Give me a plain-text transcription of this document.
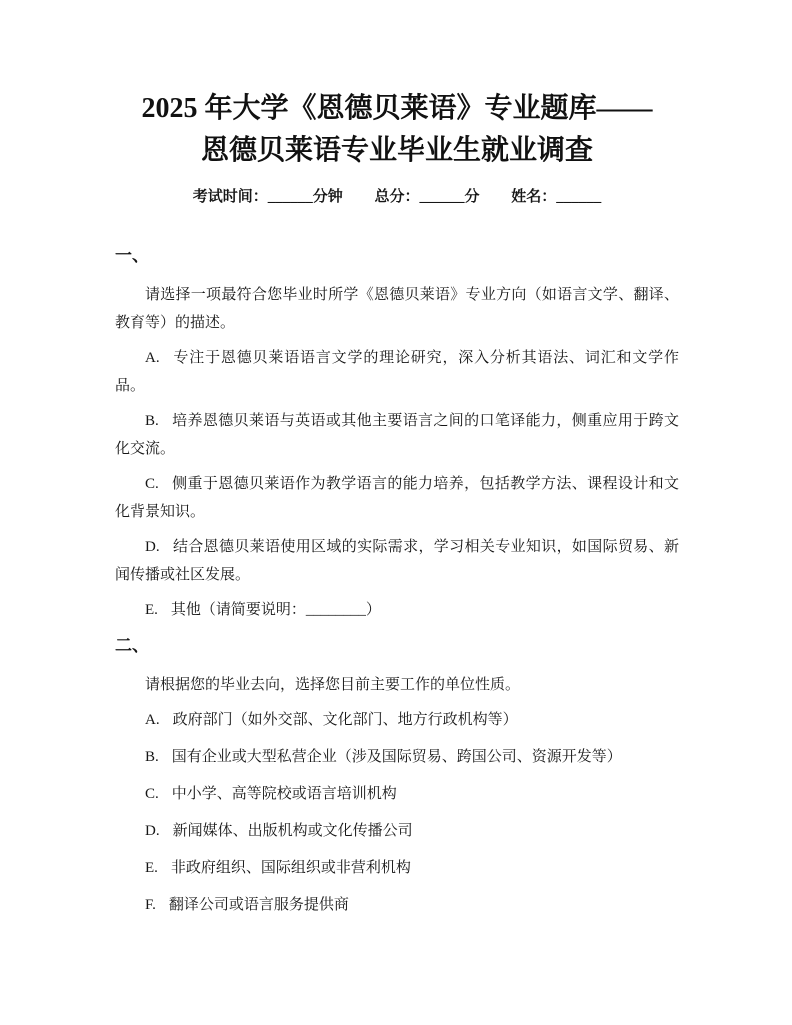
2025 年大学《恩德贝莱语》专业题库——
恩德贝莱语专业毕业生就业调查
考试时间：______分钟 总分：______分 姓名：______
一、

请选择一项最符合您毕业时所学《恩德贝莱语》专业方向（如语言文学、翻译、教育等）的描述。

A. 专注于恩德贝莱语语言文学的理论研究，深入分析其语法、词汇和文学作品。

B. 培养恩德贝莱语与英语或其他主要语言之间的口笔译能力，侧重应用于跨文化交流。

C. 侧重于恩德贝莱语作为教学语言的能力培养，包括教学方法、课程设计和文化背景知识。

D. 结合恩德贝莱语使用区域的实际需求，学习相关专业知识，如国际贸易、新闻传播或社区发展。

E. 其他（请简要说明：________）

二、

请根据您的毕业去向，选择您目前主要工作的单位性质。

A. 政府部门（如外交部、文化部门、地方行政机构等）

B. 国有企业或大型私营企业（涉及国际贸易、跨国公司、资源开发等）

C. 中小学、高等院校或语言培训机构

D. 新闻媒体、出版机构或文化传播公司

E. 非政府组织、国际组织或非营利机构

F. 翻译公司或语言服务提供商
